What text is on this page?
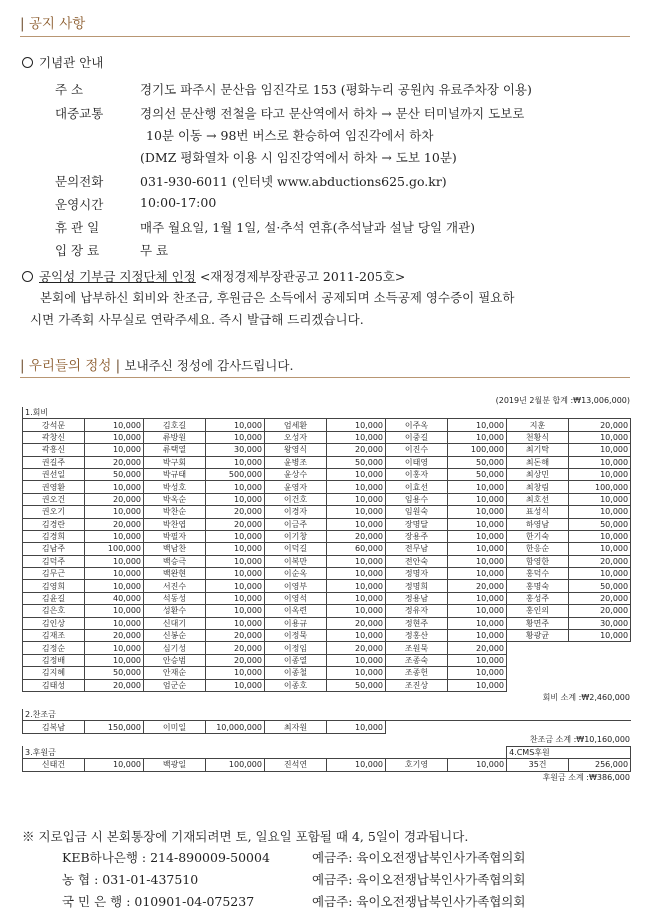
| 공지 사항
기념관 안내
주 소	경기도 파주시 문산읍 임진각로 153 (평화누리 공원內 유료주차장 이용)
대중교통	경의선 문산행 전철을 타고 문산역에서 하차 → 문산 터미널까지 도보로
10분 이동 → 98번 버스로 환승하여 임진각에서 하차
(DMZ 평화열차 이용 시 임진강역에서 하차 → 도보 10분)
문의전화	031-930-6011 (인터넷 www.abductions625.go.kr)
운영시간	10:00-17:00
휴 관 일	매주 월요일, 1월 1일, 설·추석 연휴(추석날과 설날 당일 개관)
입 장 료	무 료
공익성 기부금 지정단체 인정 <재정경제부장관공고 2011-205호>
본회에 납부하신 회비와 찬조금, 후원금은 소득에서 공제되며 소득공제 영수증이 필요하
시면 가족회 사무실로 연락주세요. 즉시 발급해 드리겠습니다.
| 우리들의 정성 | 보내주신 정성에 감사드립니다.
(2019년 2월분 합계 :₩13,006,000)
1.회비									
강석문	10,000	김호길	10,000	엄세환	10,000	이주옥	10,000	지훈	20,000
곽창신	10,000	류방원	10,000	오성자	10,000	이중길	10,000	천황식	10,000
곽흥신	10,000	류택열	30,000	왕영식	20,000	이진수	100,000	최기탁	10,000
권길주	20,000	박구회	10,000	윤병조	50,000	이태영	50,000	최돈해	10,000
권선일	50,000	박규태	500,000	윤상수	10,000	이홍자	50,000	최상민	10,000
권영환	10,000	박성호	10,000	윤영자	10,000	이효선	10,000	최창림	100,000
권오건	20,000	박옥순	10,000	이건호	10,000	임용수	10,000	최호선	10,000
권오기	10,000	박찬순	20,000	이경자	10,000	임원숙	10,000	표성식	10,000
김경란	20,000	박찬엽	20,000	이금주	10,000	장명달	10,000	하영남	50,000
김경희	10,000	박필자	10,000	이기창	20,000	장용주	10,000	한기숙	10,000
김남주	100,000	백남찬	10,000	이덕길	60,000	전무남	10,000	한응순	10,000
김덕주	10,000	백승극	10,000	이복만	10,000	전안숙	10,000	함영한	20,000
김무근	10,000	백완현	10,000	이순옥	10,000	정명자	10,000	홍덕수	10,000
김영희	10,000	서진수	10,000	이영부	10,000	정명희	20,000	홍명숙	50,000
김윤길	40,000	석동성	10,000	이영석	10,000	정용남	10,000	홍성주	20,000
김은호	10,000	성환수	10,000	이옥련	10,000	정유자	10,000	홍인의	20,000
김인상	10,000	신대기	10,000	이용규	20,000	정현주	10,000	황면주	30,000
김재조	20,000	신봉순	20,000	이정묵	10,000	정홍산	10,000	황광균	10,000
김정순	10,000	심기성	20,000	이정임	20,000	조원묵	20,000		
김정배	10,000	안승범	20,000	이종열	10,000	조종숙	10,000		
김지혜	50,000	안재순	10,000	이종철	10,000	조종헌	10,000		
김태성	20,000	엄군순	10,000	이종호	50,000	조진상	10,000		
회비 소계 :₩2,460,000
2.찬조금
김복남	150,000	이미일	10,000,000	최자원	10,000	
찬조금 소계 :₩10,160,000
3.후원금								4.CMS후원	
신태건	10,000	백광일	100,000	진석연	10,000	호기영	10,000	35건	256,000
후원금 소계 :₩386,000
※ 지로입금 시 본회통장에 기재되려면 토, 일요일 포함될 때 4, 5일이 경과됩니다.
KEB하나은행 : 214-890009-50004	예금주: 육이오전쟁납북인사가족협의회
농 협 : 031-01-437510	예금주: 육이오전쟁납북인사가족협의회
국 민 은 행 : 010901-04-075237	예금주: 육이오전쟁납북인사가족협의회
